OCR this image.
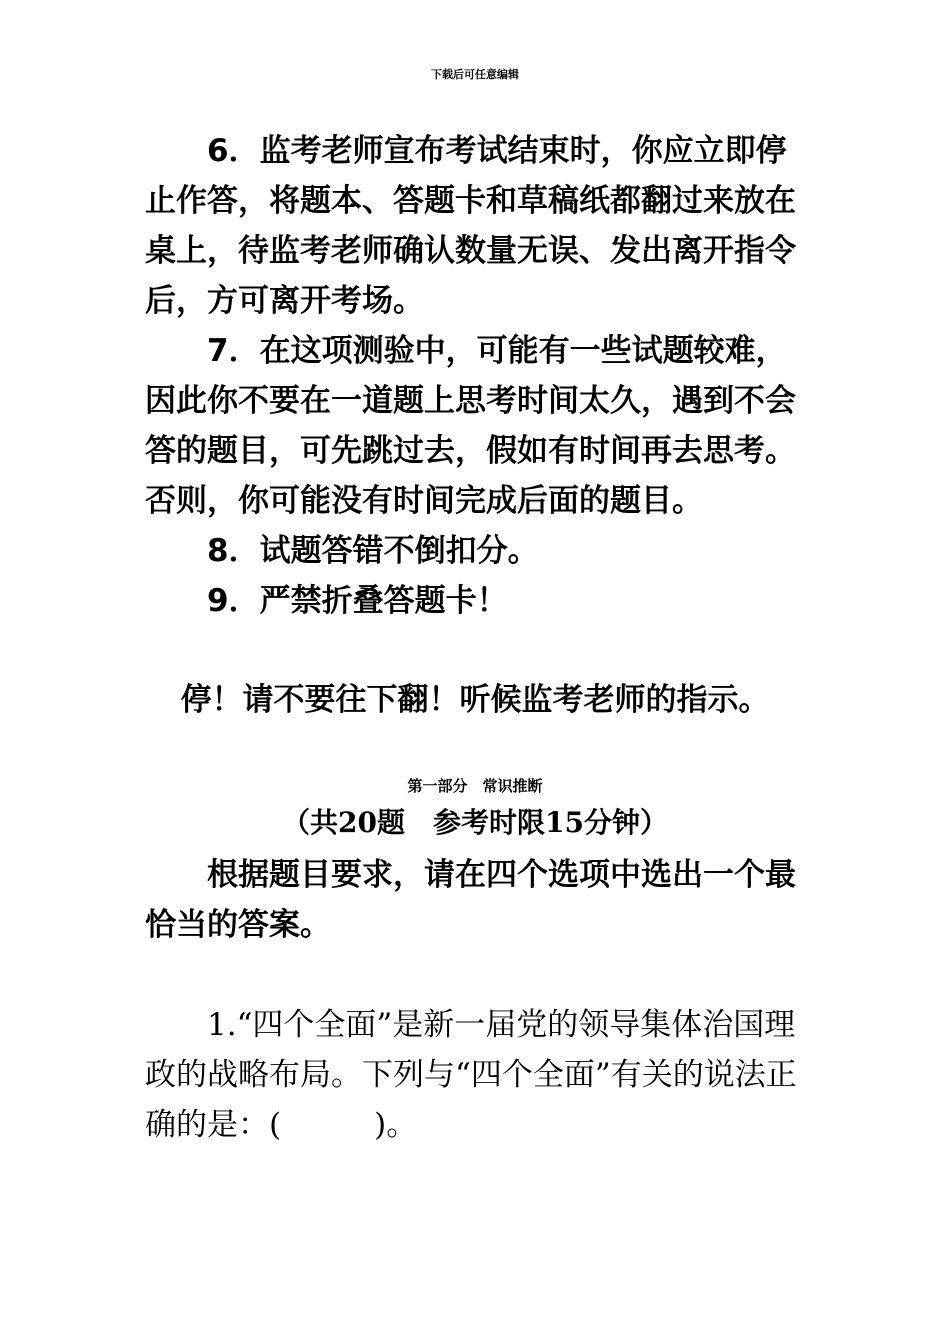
下载后可任意编辑

6．监考老师宣布考试结束时，你应立即停止作答，将题本、答题卡和草稿纸都翻过来放在桌上，待监考老师确认数量无误、发出离开指令后，方可离开考场。

7．在这项测验中，可能有一些试题较难，因此你不要在一道题上思考时间太久，遇到不会答的题目，可先跳过去，假如有时间再去思考。否则，你可能没有时间完成后面的题目。

8．试题答错不倒扣分。

9．严禁折叠答题卡！

停！请不要往下翻！听候监考老师的指示。
第一部分　常识推断
（共20题　参考时限15分钟）

根据题目要求，请在四个选项中选出一个最恰当的答案。

1.“四个全面”是新一届党的领导集体治国理政的战略布局。下列与“四个全面”有关的说法正确的是：(　　　)。
